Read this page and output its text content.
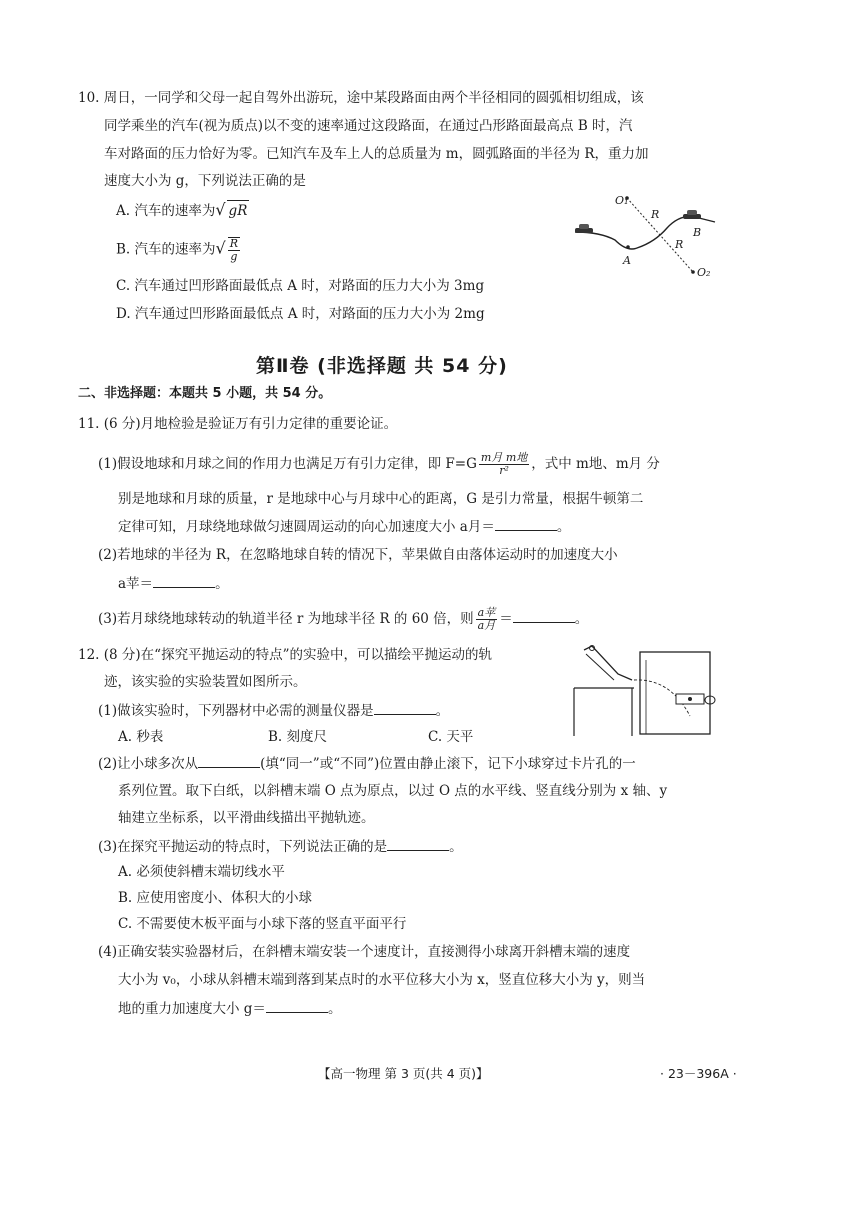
10. 周日，一同学和父母一起自驾外出游玩，途中某段路面由两个半径相同的圆弧相切组成，该
同学乘坐的汽车(视为质点)以不变的速率通过这段路面，在通过凸形路面最高点 B 时，汽
车对路面的压力恰好为零。已知汽车及车上人的总质量为 m，圆弧路面的半径为 R，重力加
速度大小为 g，下列说法正确的是
A. 汽车的速率为√ gR
B. 汽车的速率为√ $\frac{R}{g}$
C. 汽车通过凹形路面最低点 A 时，对路面的压力大小为 3mg
D. 汽车通过凹形路面最低点 A 时，对路面的压力大小为 2mg
O₁
R
R
A
B
O₂
第Ⅱ卷 (非选择题 共 54 分)
二、非选择题：本题共 5 小题，共 54 分。
11. (6 分)月地检验是验证万有引力定律的重要论证。
(1)假设地球和月球之间的作用力也满足万有引力定律，即 $F=G \frac{\text{m月 m地}}{\text{r²}}$ ，式中 m地、m月 分
别是地球和月球的质量，r 是地球中心与月球中心的距离，G 是引力常量，根据牛顿第二
定律可知，月球绕地球做匀速圆周运动的向心加速度大小 a月＝	。
(2)若地球的半径为 R，在忽略地球自转的情况下，苹果做自由落体运动时的加速度大小
a苹＝	。
(3)若月球绕地球转动的轨道半径 r 为地球半径 R 的 60 倍，则 $\frac{\text{a苹}}{\text{a月}}$ ＝	。
12. (8 分)在“探究平抛运动的特点”的实验中，可以描绘平抛运动的轨
迹，该实验的实验装置如图所示。
(1)做该实验时，下列器材中必需的测量仪器是	。
A. 秒表	B. 刻度尺	C. 天平
(2)让小球多次从	(填“同一”或“不同”)位置由静止滚下，记下小球穿过卡片孔的一
系列位置。取下白纸，以斜槽末端 O 点为原点，以过 O 点的水平线、竖直线分别为 x 轴、y
轴建立坐标系，以平滑曲线描出平抛轨迹。
(3)在探究平抛运动的特点时，下列说法正确的是	。
A. 必须使斜槽末端切线水平
B. 应使用密度小、体积大的小球
C. 不需要使木板平面与小球下落的竖直平面平行
(4)正确安装实验器材后，在斜槽末端安装一个速度计，直接测得小球离开斜槽末端的速度
大小为 v₀，小球从斜槽末端到落到某点时的水平位移大小为 x，竖直位移大小为 y，则当
地的重力加速度大小 g＝	。
【高一物理 第 3 页(共 4 页)】	· 23－396A ·
